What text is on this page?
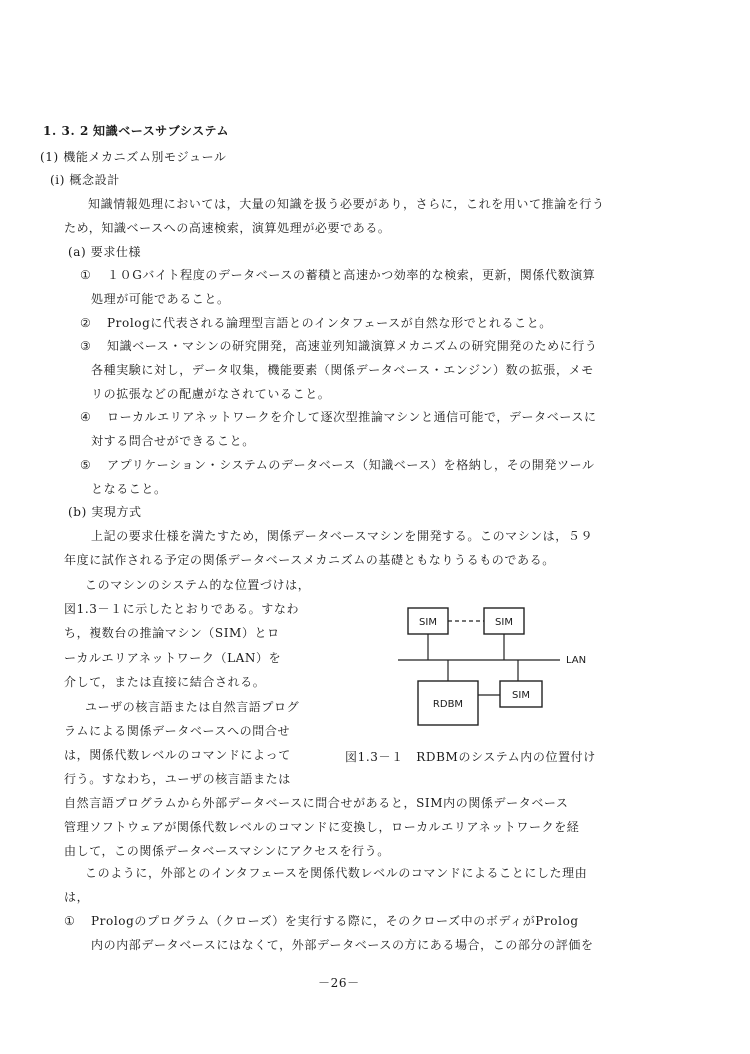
1. 3. 2 知識ベースサブシステム
(1) 機能メカニズム別モジュール
(i) 概念設計
知識情報処理においては，大量の知識を扱う必要があり，さらに，これを用いて推論を行う
ため，知識ベースへの高速検索，演算処理が必要である。
(a) 要求仕様
① １０Gバイト程度のデータベースの蓄積と高速かつ効率的な検索，更新，関係代数演算
処理が可能であること。
② Prologに代表される論理型言語とのインタフェースが自然な形でとれること。
③ 知識ベース・マシンの研究開発，高速並列知識演算メカニズムの研究開発のために行う
各種実験に対し，データ収集，機能要素（関係データベース・エンジン）数の拡張，メモ
リの拡張などの配慮がなされていること。
④ ローカルエリアネットワークを介して逐次型推論マシンと通信可能で，データベースに
対する問合せができること。
⑤ アプリケーション・システムのデータベース（知識ベース）を格納し，その開発ツール
となること。
(b) 実現方式
上記の要求仕様を満たすため，関係データベースマシンを開発する。このマシンは，５９
年度に試作される予定の関係データベースメカニズムの基礎ともなりうるものである。
このマシンのシステム的な位置づけは，
図1.3－１に示したとおりである。すなわ
ち，複数台の推論マシン（SIM）とロ
ーカルエリアネットワーク（LAN）を
介して，または直接に結合される。
ユーザの核言語または自然言語プログ
ラムによる関係データベースへの問合せ
は，関係代数レベルのコマンドによって
行う。すなわち，ユーザの核言語または
SIM	SIM
LAN
RDBM
SIM
図1.3－１　RDBMのシステム内の位置付け
自然言語プログラムから外部データベースに問合せがあると，SIM内の関係データベース
管理ソフトウェアが関係代数レベルのコマンドに変換し，ローカルエリアネットワークを経
由して，この関係データベースマシンにアクセスを行う。
このように，外部とのインタフェースを関係代数レベルのコマンドによることにした理由
は，
① Prologのプログラム（クローズ）を実行する際に，そのクローズ中のボディがProlog
内の内部データベースにはなくて，外部データベースの方にある場合，この部分の評価を
－26－
